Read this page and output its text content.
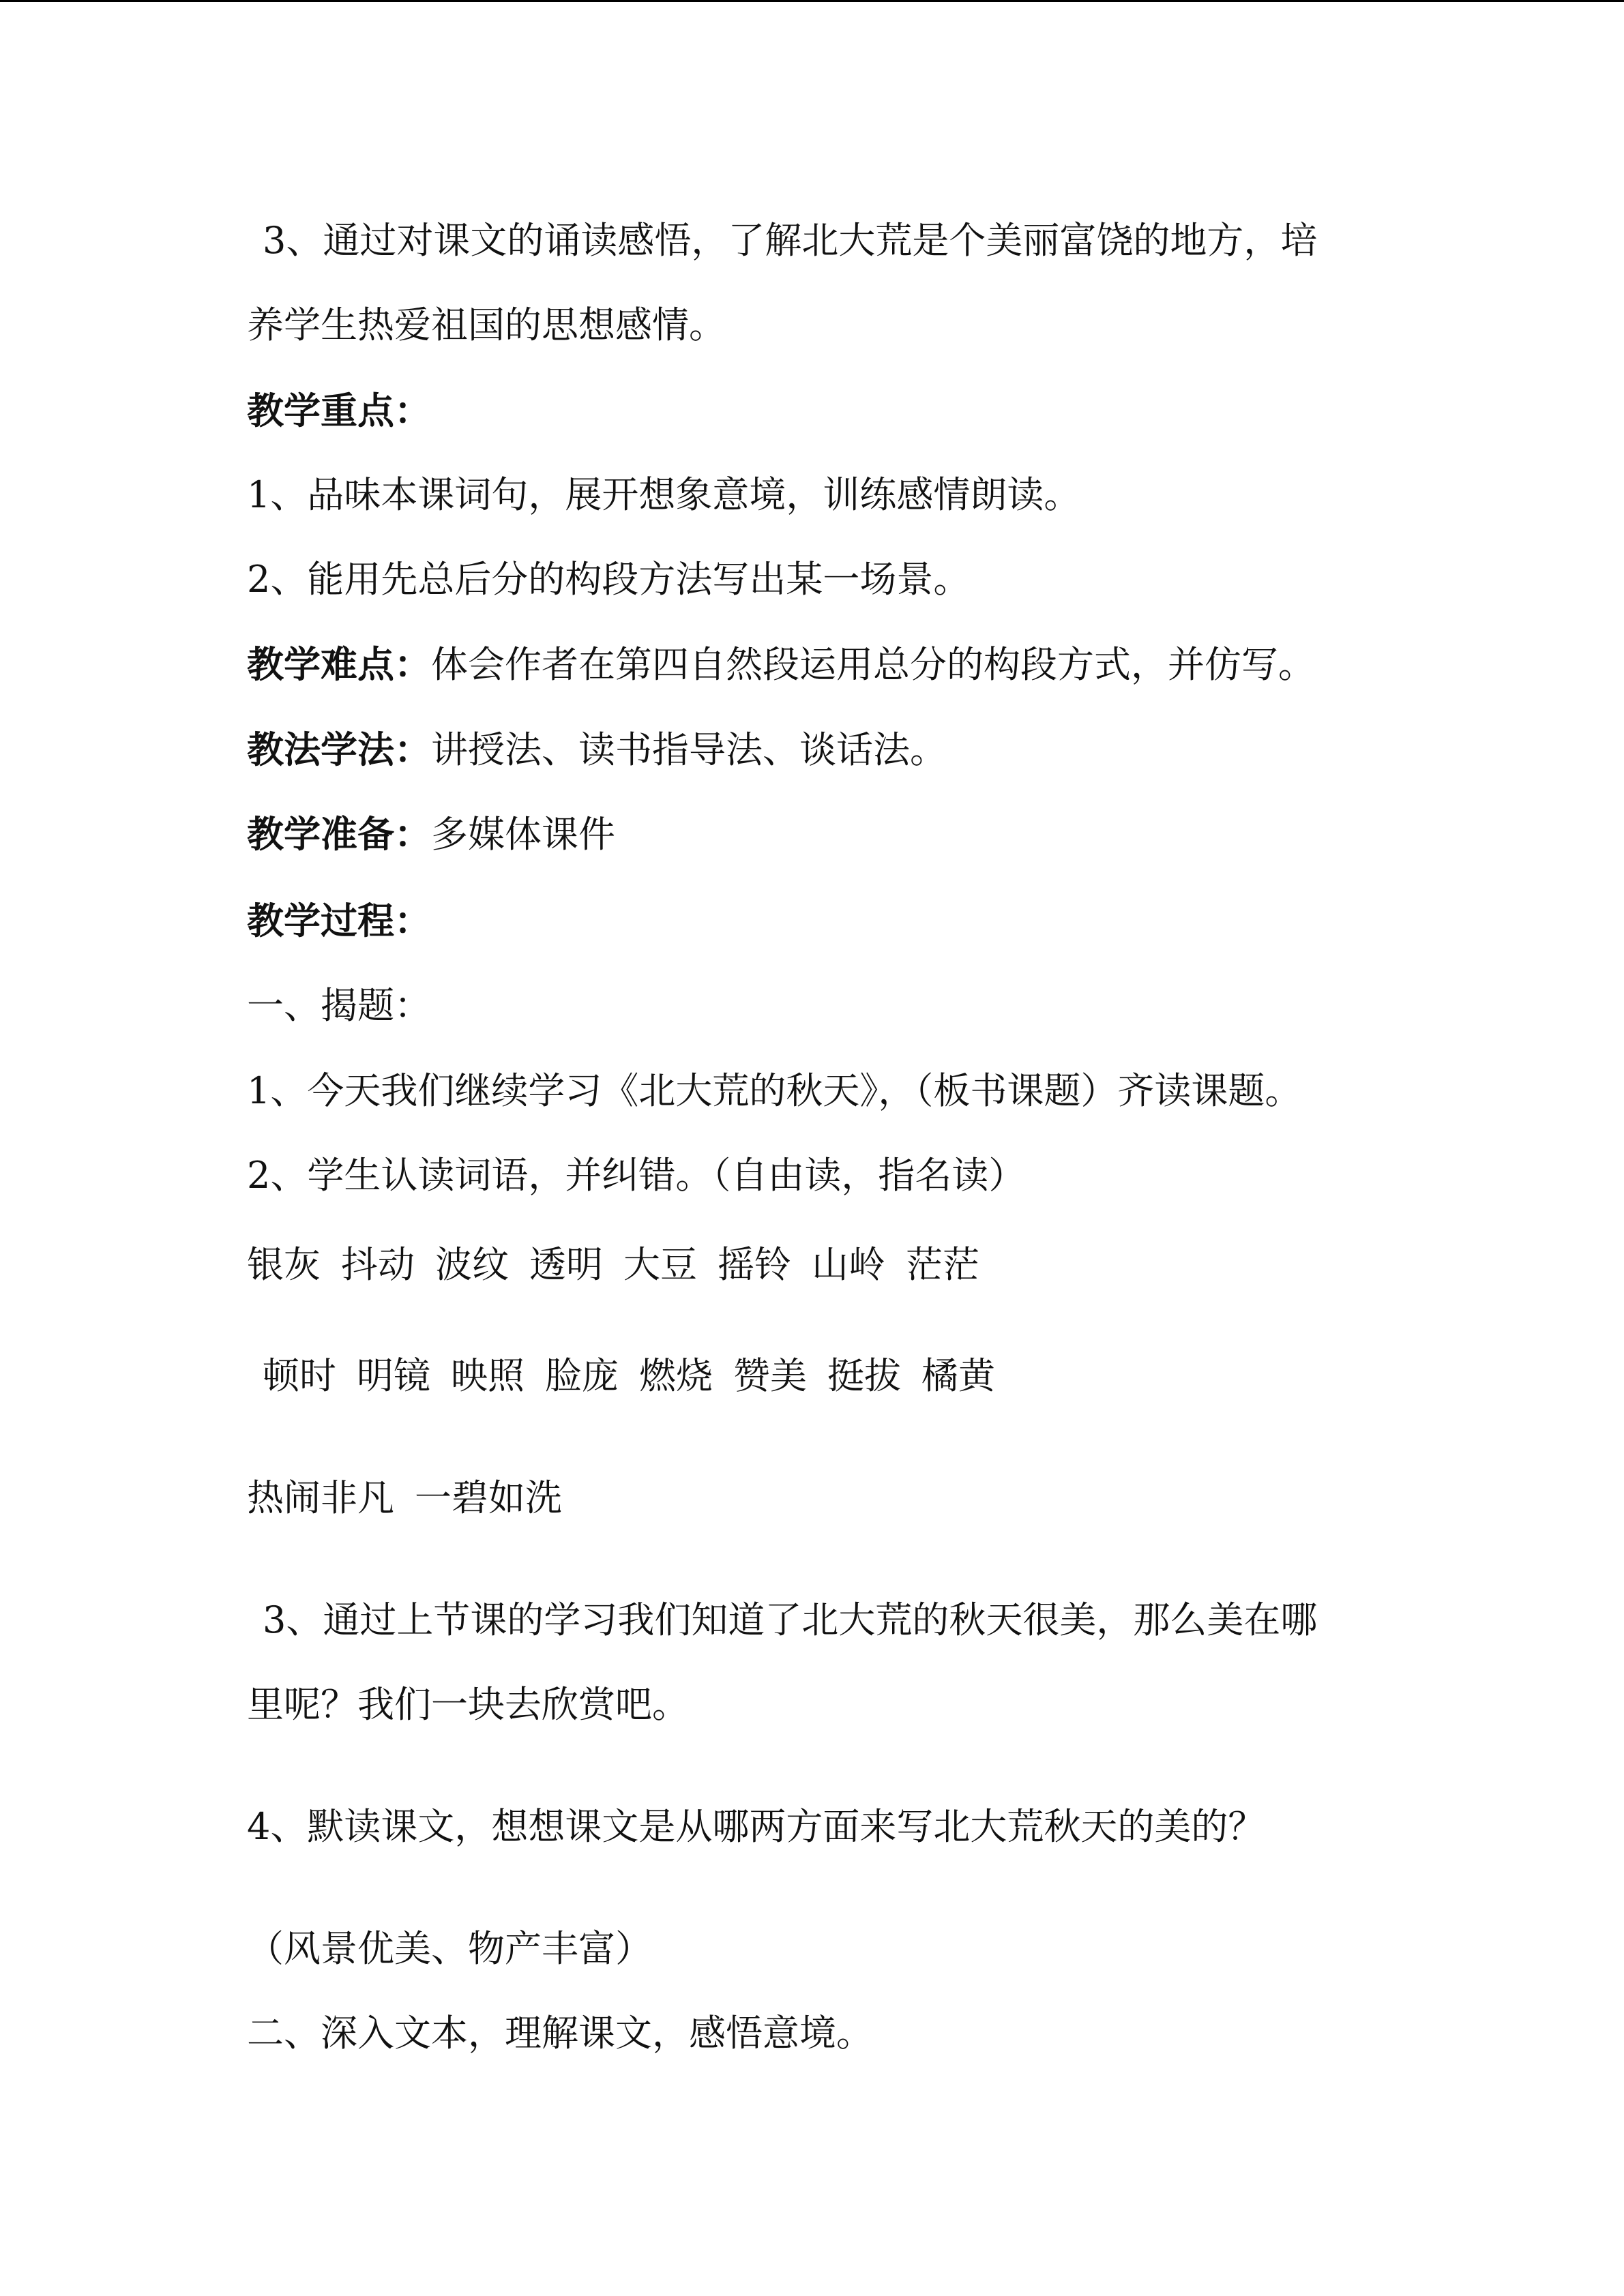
3、通过对课文的诵读感悟，了解北大荒是个美丽富饶的地方，培
养学生热爱祖国的思想感情。
教学重点：
1、品味本课词句，展开想象意境，训练感情朗读。
2、能用先总后分的构段方法写出某一场景。
教学难点：体会作者在第四自然段运用总分的构段方式，并仿写。
教法学法：讲授法、读书指导法、谈话法。
教学准备：多媒体课件
教学过程：
一、揭题：
1、今天我们继续学习《北大荒的秋天》，（板书课题）齐读课题。
2、学生认读词语，并纠错。（自由读，指名读）
银灰 抖动 波纹 透明 大豆 摇铃 山岭 茫茫
顿时 明镜 映照 脸庞 燃烧 赞美 挺拔 橘黄
热闹非凡 一碧如洗
3、通过上节课的学习我们知道了北大荒的秋天很美，那么美在哪
里呢？我们一块去欣赏吧。
4、默读课文，想想课文是从哪两方面来写北大荒秋天的美的？
（风景优美、物产丰富）
二、深入文本，理解课文，感悟意境。
